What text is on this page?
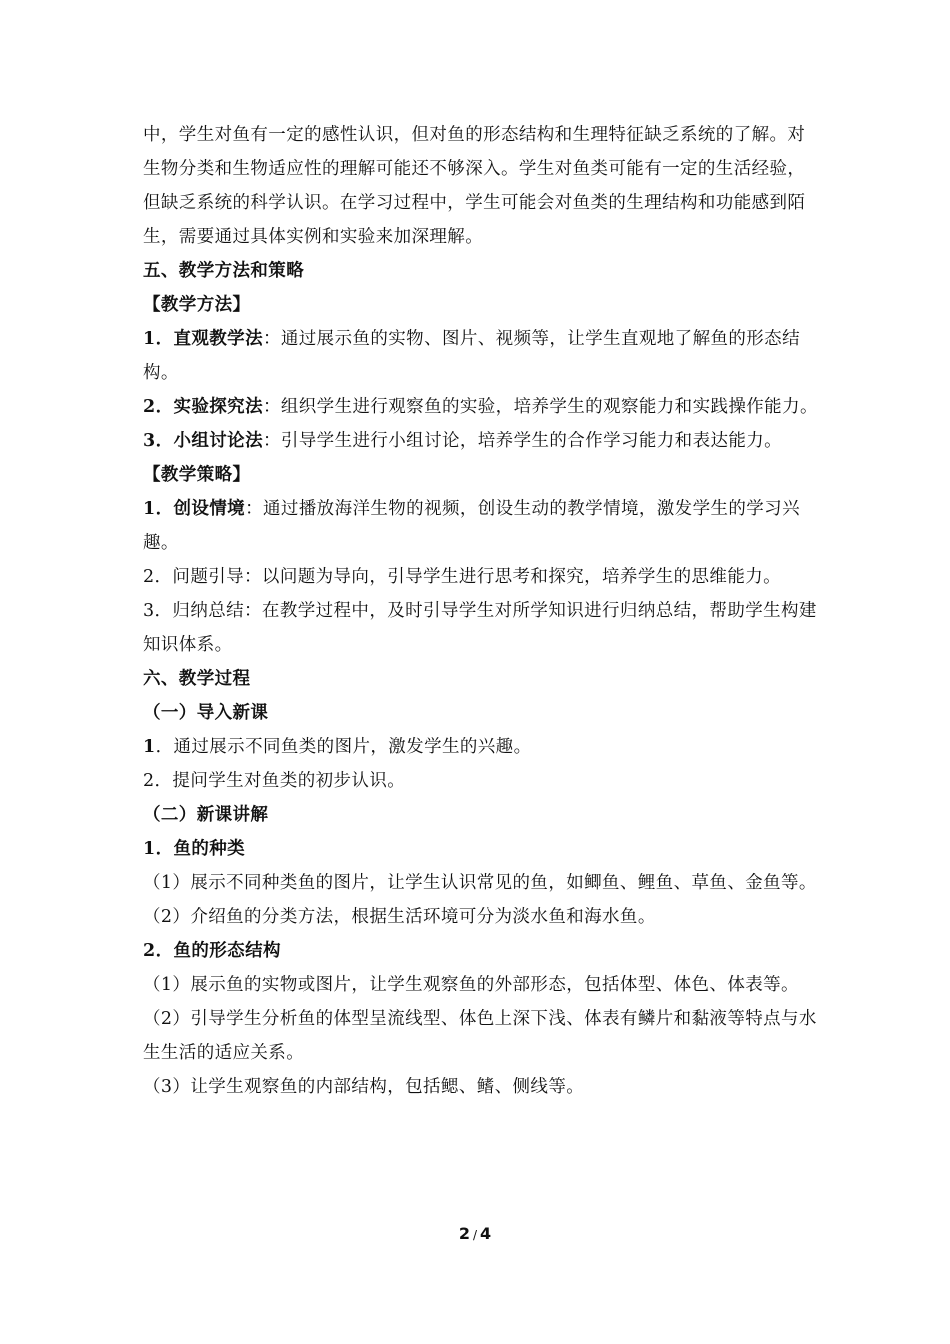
中，学生对鱼有一定的感性认识，但对鱼的形态结构和生理特征缺乏系统的了解。对生物分类和生物适应性的理解可能还不够深入。学生对鱼类可能有一定的生活经验，但缺乏系统的科学认识。在学习过程中，学生可能会对鱼类的生理结构和功能感到陌生，需要通过具体实例和实验来加深理解。

五、教学方法和策略

【教学方法】

1．直观教学法：通过展示鱼的实物、图片、视频等，让学生直观地了解鱼的形态结构。

2．实验探究法：组织学生进行观察鱼的实验，培养学生的观察能力和实践操作能力。

3．小组讨论法：引导学生进行小组讨论，培养学生的合作学习能力和表达能力。

【教学策略】

1．创设情境：通过播放海洋生物的视频，创设生动的教学情境，激发学生的学习兴趣。

2．问题引导：以问题为导向，引导学生进行思考和探究，培养学生的思维能力。

3．归纳总结：在教学过程中，及时引导学生对所学知识进行归纳总结，帮助学生构建知识体系。

六、教学过程

（一）导入新课

1．通过展示不同鱼类的图片，激发学生的兴趣。

2．提问学生对鱼类的初步认识。

（二）新课讲解

1．鱼的种类

（1）展示不同种类鱼的图片，让学生认识常见的鱼，如鲫鱼、鲤鱼、草鱼、金鱼等。

（2）介绍鱼的分类方法，根据生活环境可分为淡水鱼和海水鱼。

2．鱼的形态结构

（1）展示鱼的实物或图片，让学生观察鱼的外部形态，包括体型、体色、体表等。

（2）引导学生分析鱼的体型呈流线型、体色上深下浅、体表有鳞片和黏液等特点与水生生活的适应关系。

（3）让学生观察鱼的内部结构，包括鳃、鳍、侧线等。

2 / 4
